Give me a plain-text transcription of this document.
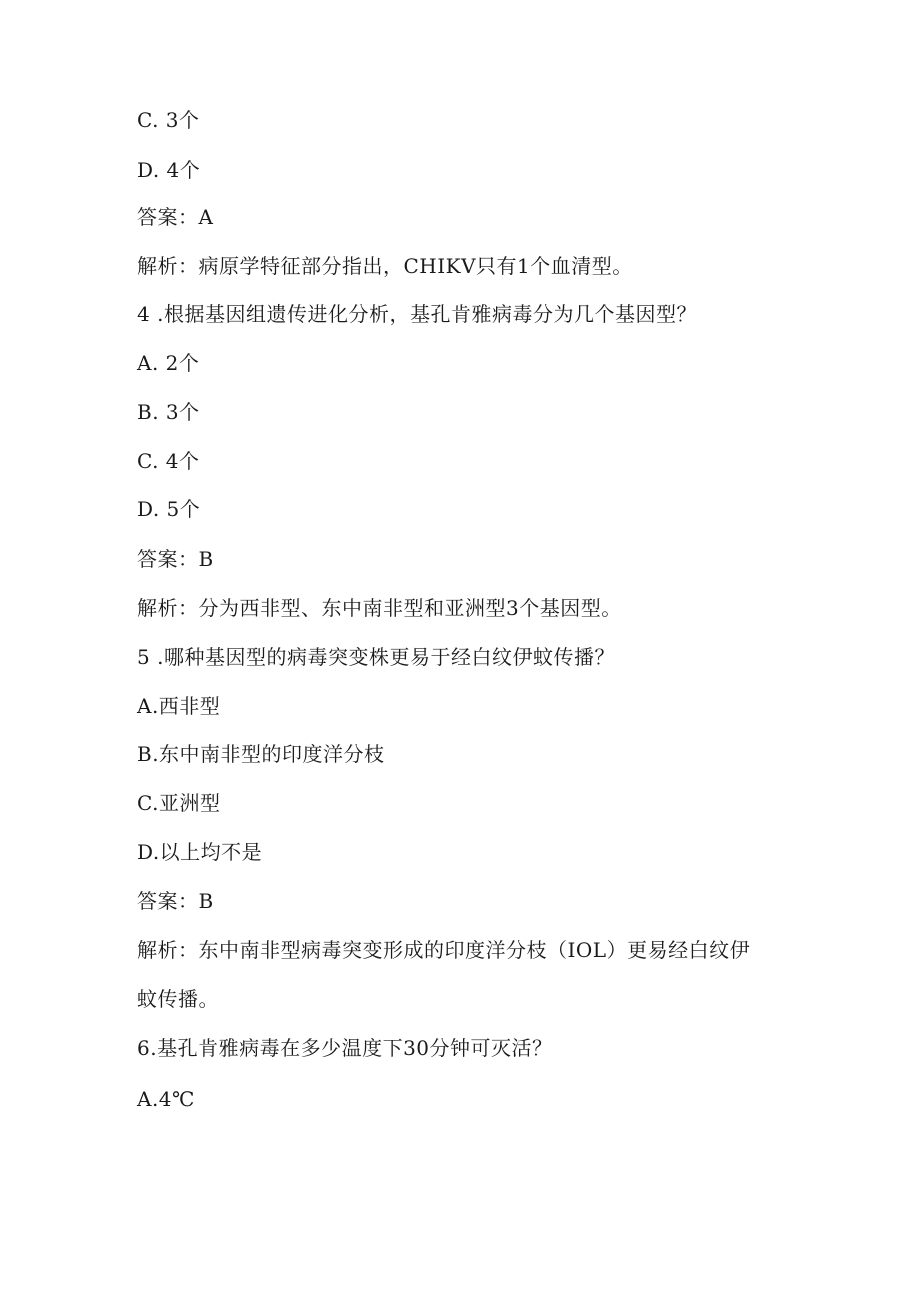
C. 3个
D. 4个
答案：A
解析：病原学特征部分指出，CHIKV只有1个血清型。
4 .根据基因组遗传进化分析，基孔肯雅病毒分为几个基因型？
A. 2个
B. 3个
C. 4个
D. 5个
答案：B
解析：分为西非型、东中南非型和亚洲型3个基因型。
5 .哪种基因型的病毒突变株更易于经白纹伊蚊传播？
A.西非型
B.东中南非型的印度洋分枝
C.亚洲型
D.以上均不是
答案：B
解析：东中南非型病毒突变形成的印度洋分枝（IOL）更易经白纹伊
蚊传播。
6.基孔肯雅病毒在多少温度下30分钟可灭活？
A.4℃
